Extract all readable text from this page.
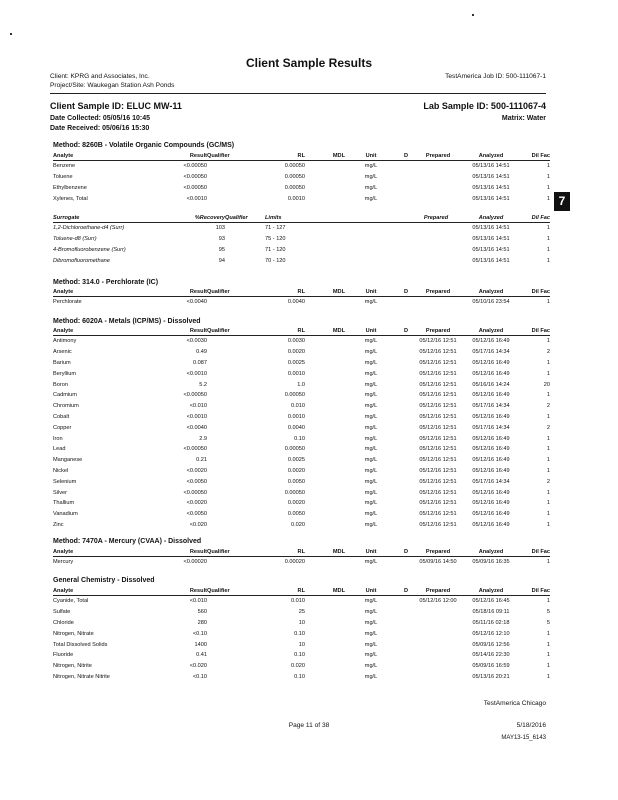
Client Sample Results
Client: KPRG and Associates, Inc.
Project/Site: Waukegan Station Ash Ponds
TestAmerica Job ID: 500-111067-1
Client Sample ID: ELUC MW-11	Lab Sample ID: 500-111067-4
Date Collected: 05/05/16 10:45	Matrix: Water
Date Received: 05/06/16 15:30
7
Method: 8260B - Volatile Organic Compounds (GC/MS)
Analyte	Result	Qualifier	RL	MDL	Unit	D	Prepared	Analyzed	Dil Fac
Benzene	<0.00050		0.00050		mg/L			05/13/16 14:51	1
Toluene	<0.00050		0.00050		mg/L			05/13/16 14:51	1
Ethylbenzene	<0.00050		0.00050		mg/L			05/13/16 14:51	1
Xylenes, Total	<0.0010		0.0010		mg/L			05/13/16 14:51	1
Surrogate	%Recovery	Qualifier	Limits		Prepared	Analyzed	Dil Fac
1,2-Dichloroethane-d4 (Surr)	103		71 - 127			05/13/16 14:51	1
Toluene-d8 (Surr)	93		75 - 120			05/13/16 14:51	1
4-Bromofluorobenzene (Surr)	95		71 - 120			05/13/16 14:51	1
Dibromofluoromethane	94		70 - 120			05/13/16 14:51	1
Method: 314.0 - Perchlorate (IC)
Analyte	Result	Qualifier	RL	MDL	Unit	D	Prepared	Analyzed	Dil Fac
Perchlorate	<0.0040		0.0040		mg/L			05/10/16 23:54	1
Method: 6020A - Metals (ICP/MS) - Dissolved
Analyte	Result	Qualifier	RL	MDL	Unit	D	Prepared	Analyzed	Dil Fac
Antimony	<0.0030		0.0030		mg/L		05/12/16 12:51	05/12/16 16:49	1
Arsenic	0.49		0.0020		mg/L		05/12/16 12:51	05/17/16 14:34	2
Barium	0.087		0.0025		mg/L		05/12/16 12:51	05/12/16 16:49	1
Beryllium	<0.0010		0.0010		mg/L		05/12/16 12:51	05/12/16 16:49	1
Boron	5.2		1.0		mg/L		05/12/16 12:51	05/16/16 14:24	20
Cadmium	<0.00050		0.00050		mg/L		05/12/16 12:51	05/12/16 16:49	1
Chromium	<0.010		0.010		mg/L		05/12/16 12:51	05/17/16 14:34	2
Cobalt	<0.0010		0.0010		mg/L		05/12/16 12:51	05/12/16 16:49	1
Copper	<0.0040		0.0040		mg/L		05/12/16 12:51	05/17/16 14:34	2
Iron	2.9		0.10		mg/L		05/12/16 12:51	05/12/16 16:49	1
Lead	<0.00050		0.00050		mg/L		05/12/16 12:51	05/12/16 16:49	1
Manganese	0.21		0.0025		mg/L		05/12/16 12:51	05/12/16 16:49	1
Nickel	<0.0020		0.0020		mg/L		05/12/16 12:51	05/12/16 16:49	1
Selenium	<0.0050		0.0050		mg/L		05/12/16 12:51	05/17/16 14:34	2
Silver	<0.00050		0.00050		mg/L		05/12/16 12:51	05/12/16 16:49	1
Thallium	<0.0020		0.0020		mg/L		05/12/16 12:51	05/12/16 16:49	1
Vanadium	<0.0050		0.0050		mg/L		05/12/16 12:51	05/12/16 16:49	1
Zinc	<0.020		0.020		mg/L		05/12/16 12:51	05/12/16 16:49	1
Method: 7470A - Mercury (CVAA) - Dissolved
Analyte	Result	Qualifier	RL	MDL	Unit	D	Prepared	Analyzed	Dil Fac
Mercury	<0.00020		0.00020		mg/L		05/09/16 14:50	05/09/16 16:35	1
General Chemistry - Dissolved
Analyte	Result	Qualifier	RL	MDL	Unit	D	Prepared	Analyzed	Dil Fac
Cyanide, Total	<0.010		0.010		mg/L		05/12/16 12:00	05/12/16 16:45	1
Sulfate	560		25		mg/L			05/18/16 09:11	5
Chloride	280		10		mg/L			05/11/16 02:18	5
Nitrogen, Nitrate	<0.10		0.10		mg/L			05/12/16 12:10	1
Total Dissolved Solids	1400		10		mg/L			05/09/16 12:56	1
Fluoride	0.41		0.10		mg/L			05/14/16 22:30	1
Nitrogen, Nitrite	<0.020		0.020		mg/L			05/09/16 16:59	1
Nitrogen, Nitrate Nitrite	<0.10		0.10		mg/L			05/13/16 20:21	1
TestAmerica Chicago
Page 11 of 38	5/18/2016
MAY13-15_6143
